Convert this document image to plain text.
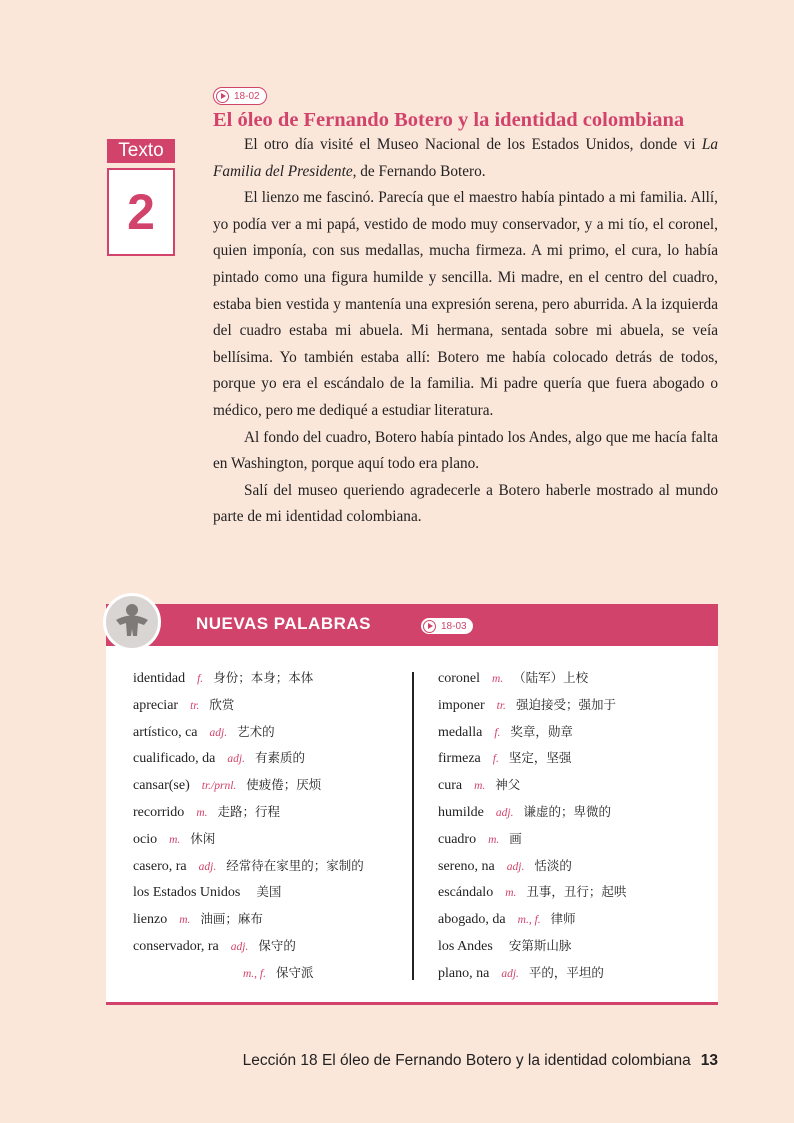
18-02
El óleo de Fernando Botero y la identidad colombiana
Texto
2

El otro día visité el Museo Nacional de los Estados Unidos, donde vi La Familia del Presidente, de Fernando Botero.

El lienzo me fascinó. Parecía que el maestro había pintado a mi familia. Allí, yo podía ver a mi papá, vestido de modo muy conservador, y a mi tío, el coronel, quien imponía, con sus medallas, mucha firmeza. A mi primo, el cura, lo había pintado como una figura humilde y sencilla. Mi madre, en el centro del cuadro, estaba bien vestida y mantenía una expresión serena, pero aburrida. A la izquierda del cuadro estaba mi abuela. Mi hermana, sentada sobre mi abuela, se veía bellísima. Yo también estaba allí: Botero me había colocado detrás de todos, porque yo era el escándalo de la familia. Mi padre quería que fuera abogado o médico, pero me dediqué a estudiar literatura.

Al fondo del cuadro, Botero había pintado los Andes, algo que me hacía falta en Washington, porque aquí todo era plano.

Salí del museo queriendo agradecerle a Botero haberle mostrado al mundo parte de mi identidad colombiana.

NUEVAS PALABRAS	18-03
identidad f. 身份；本身；本体
apreciar tr. 欣赏
artístico, ca adj. 艺术的
cualificado, da adj. 有素质的
cansar(se) tr./prnl. 使疲倦；厌烦
recorrido m. 走路；行程
ocio m. 休闲
casero, ra adj. 经常待在家里的；家制的
los Estados Unidos 美国
lienzo m. 油画；麻布
conservador, ra adj. 保守的
m., f. 保守派
coronel m. （陆军）上校
imponer tr. 强迫接受；强加于
medalla f. 奖章，勋章
firmeza f. 坚定，坚强
cura m. 神父
humilde adj. 谦虚的；卑微的
cuadro m. 画
sereno, na adj. 恬淡的
escándalo m. 丑事，丑行；起哄
abogado, da m., f. 律师
los Andes 安第斯山脉
plano, na adj. 平的，平坦的
Lección 18 El óleo de Fernando Botero y la identidad colombiana 13
